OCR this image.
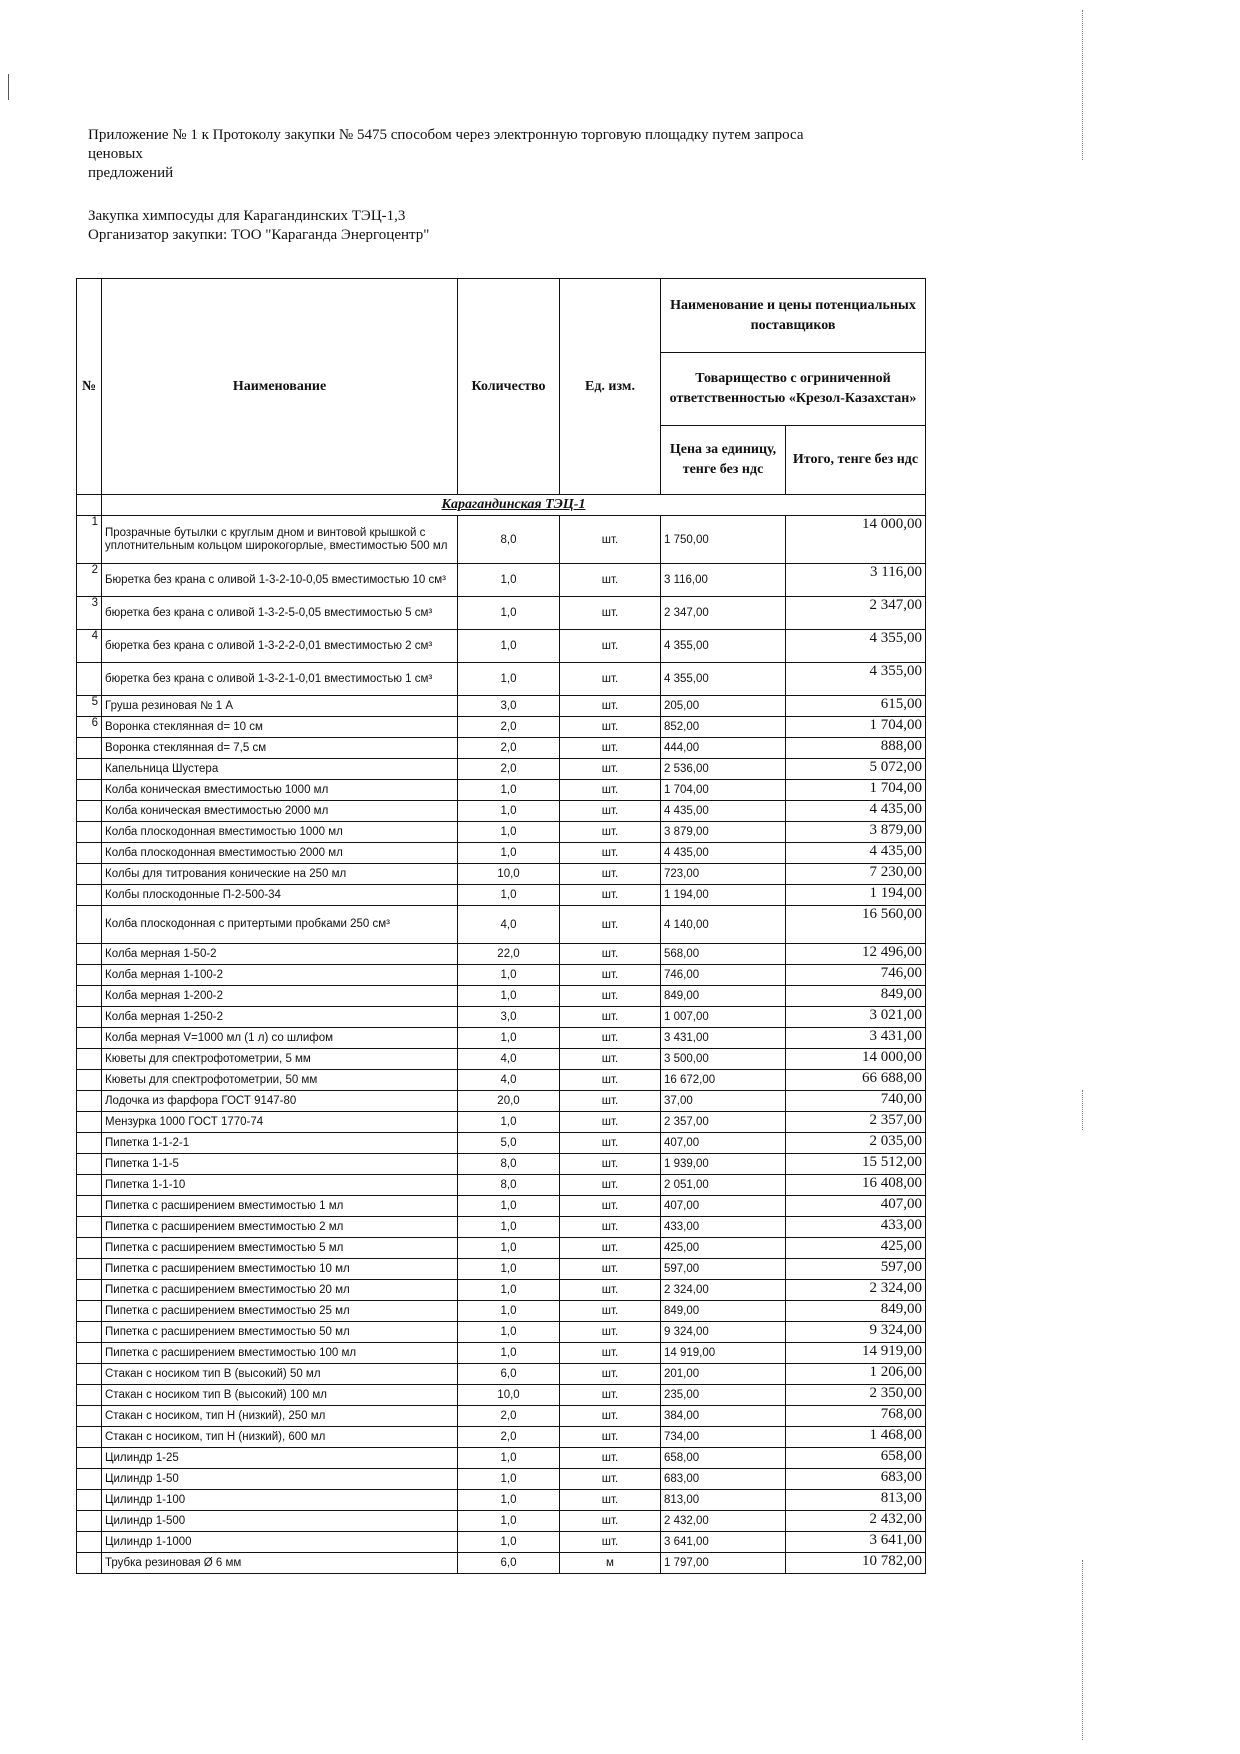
Приложение № 1 к Протоколу закупки № 5475 способом через электронную торговую площадку путем запроса
ценовых
предложений
Закупка химпосуды для Карагандинских ТЭЦ-1,3
Организатор закупки: ТОО "Караганда Энергоцентр"
№	Наименование	Количество	Ед. изм.	Наименование и цены потенциальных поставщиков	
				Товарищество с огриниченной ответственностью «Крезол-Казахстан»	
				Цена за единицу, тенге без ндс	Итого, тенге без ндс
	Карагандинская ТЭЦ-1				
1	Прозрачные бутылки с круглым дном и винтовой крышкой с уплотнительным кольцом широкогорлые, вместимостью 500 мл	8,0	шт.	1 750,00	14 000,00
2	Бюретка без крана с оливой 1-3-2-10-0,05 вместимостью 10 см³	1,0	шт.	3 116,00	3 116,00
3	бюретка без крана с оливой 1-3-2-5-0,05 вместимостью 5 см³	1,0	шт.	2 347,00	2 347,00
4	бюретка без крана с оливой 1-3-2-2-0,01 вместимостью 2 см³	1,0	шт.	4 355,00	4 355,00
	бюретка без крана с оливой 1-3-2-1-0,01 вместимостью 1 см³	1,0	шт.	4 355,00	4 355,00
5	Груша резиновая № 1 А	3,0	шт.	205,00	615,00
6	Воронка стеклянная d= 10 см	2,0	шт.	852,00	1 704,00
	Воронка стеклянная d= 7,5 см	2,0	шт.	444,00	888,00
	Капельница Шустера	2,0	шт.	2 536,00	5 072,00
	Колба коническая вместимостью 1000 мл	1,0	шт.	1 704,00	1 704,00
	Колба коническая вместимостью 2000 мл	1,0	шт.	4 435,00	4 435,00
	Колба плоскодонная вместимостью 1000 мл	1,0	шт.	3 879,00	3 879,00
	Колба плоскодонная вместимостью 2000 мл	1,0	шт.	4 435,00	4 435,00
	Колбы для титрования конические на 250 мл	10,0	шт.	723,00	7 230,00
	Колбы плоскодонные П-2-500-34	1,0	шт.	1 194,00	1 194,00
	Колба плоскодонная с притертыми пробками 250 см³	4,0	шт.	4 140,00	16 560,00
	Колба мерная 1-50-2	22,0	шт.	568,00	12 496,00
	Колба мерная 1-100-2	1,0	шт.	746,00	746,00
	Колба мерная 1-200-2	1,0	шт.	849,00	849,00
	Колба мерная 1-250-2	3,0	шт.	1 007,00	3 021,00
	Колба мерная V=1000 мл (1 л) со шлифом	1,0	шт.	3 431,00	3 431,00
	Кюветы для спектрофотометрии, 5 мм	4,0	шт.	3 500,00	14 000,00
	Кюветы для спектрофотометрии, 50 мм	4,0	шт.	16 672,00	66 688,00
	Лодочка из фарфора ГОСТ 9147-80	20,0	шт.	37,00	740,00
	Мензурка 1000 ГОСТ 1770-74	1,0	шт.	2 357,00	2 357,00
	Пипетка 1-1-2-1	5,0	шт.	407,00	2 035,00
	Пипетка 1-1-5	8,0	шт.	1 939,00	15 512,00
	Пипетка 1-1-10	8,0	шт.	2 051,00	16 408,00
	Пипетка с расширением вместимостью 1 мл	1,0	шт.	407,00	407,00
	Пипетка с расширением вместимостью 2 мл	1,0	шт.	433,00	433,00
	Пипетка с расширением вместимостью 5 мл	1,0	шт.	425,00	425,00
	Пипетка с расширением вместимостью 10 мл	1,0	шт.	597,00	597,00
	Пипетка с расширением вместимостью 20 мл	1,0	шт.	2 324,00	2 324,00
	Пипетка с расширением вместимостью 25 мл	1,0	шт.	849,00	849,00
	Пипетка с расширением вместимостью 50 мл	1,0	шт.	9 324,00	9 324,00
	Пипетка с расширением вместимостью 100 мл	1,0	шт.	14 919,00	14 919,00
	Стакан с носиком тип В (высокий) 50 мл	6,0	шт.	201,00	1 206,00
	Стакан с носиком тип В (высокий) 100 мл	10,0	шт.	235,00	2 350,00
	Стакан с носиком, тип Н (низкий), 250 мл	2,0	шт.	384,00	768,00
	Стакан с носиком, тип Н (низкий), 600 мл	2,0	шт.	734,00	1 468,00
	Цилиндр 1-25	1,0	шт.	658,00	658,00
	Цилиндр 1-50	1,0	шт.	683,00	683,00
	Цилиндр 1-100	1,0	шт.	813,00	813,00
	Цилиндр 1-500	1,0	шт.	2 432,00	2 432,00
	Цилиндр 1-1000	1,0	шт.	3 641,00	3 641,00
	Трубка резиновая Ø 6 мм	6,0	м	1 797,00	10 782,00
